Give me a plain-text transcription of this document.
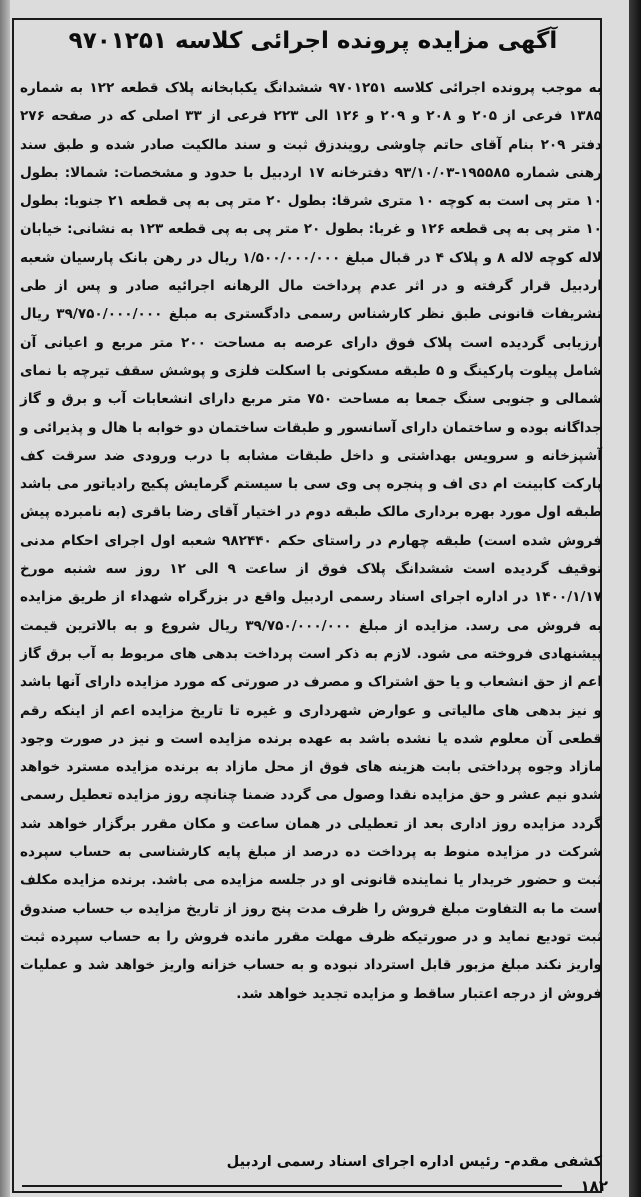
آگهی مزایده پرونده اجرائی کلاسه ۹۷۰۱۲۵۱

به موجب پرونده اجرائی کلاسه ۹۷۰۱۲۵۱ ششدانگ یکبابخانه پلاک قطعه ۱۲۲ به شماره ۱۳۸۵ فرعی از ۲۰۵ و ۲۰۸ و ۲۰۹ و ۱۲۶ الی ۲۲۳ فرعی از ۳۳ اصلی که در صفحه ۲۷۶ دفتر ۲۰۹ بنام آقای حاتم چاوشی رویندزق ثبت و سند مالکیت صادر شده و طبق سند رهنی شماره ۱۹۵۵۸۵-۹۳/۱۰/۰۳ دفترخانه ۱۷ اردبیل با حدود و مشخصات: شمالا: بطول ۱۰ متر پی است به کوچه ۱۰ متری شرقا: بطول ۲۰ متر پی به پی قطعه ۲۱ جنوبا: بطول ۱۰ متر پی به پی قطعه ۱۲۶ و غربا: بطول ۲۰ متر پی به پی قطعه ۱۲۳ به نشانی: خیابان لاله کوچه لاله ۸ و پلاک ۴ در قبال مبلغ ۱/۵۰۰/۰۰۰/۰۰۰ ریال در رهن بانک پارسیان شعبه اردبیل قرار گرفته و در اثر عدم پرداخت مال الرهانه اجرائیه صادر و پس از طی تشریفات قانونی طبق نظر کارشناس رسمی دادگستری به مبلغ ۳۹/۷۵۰/۰۰۰/۰۰۰ ریال ارزیابی گردیده است پلاک فوق دارای عرصه به مساحت ۲۰۰ متر مربع و اعیانی آن شامل پیلوت پارکینگ و ۵ طبقه مسکونی با اسکلت فلزی و پوشش سقف تیرچه با نمای شمالی و جنوبی سنگ جمعا به مساحت ۷۵۰ متر مربع دارای انشعابات آب و برق و گاز جداگانه بوده و ساختمان دارای آسانسور و طبقات ساختمان دو خوابه با هال و پذیرائی و آشپزخانه و سرویس بهداشتی و داخل طبقات مشابه با درب ورودی ضد سرقت کف پارکت کابینت ام دی اف و پنجره پی وی سی با سیستم گرمایش پکیج رادیاتور می باشد طبقه اول مورد بهره برداری مالک طبقه دوم در اختیار آقای رضا باقری (به نامبرده پیش فروش شده است) طبقه چهارم در راستای حکم ۹۸۲۴۴۰ شعبه اول اجرای احکام مدنی توقیف گردیده است ششدانگ پلاک فوق از ساعت ۹ الی ۱۲ روز سه شنبه مورخ ۱۴۰۰/۱/۱۷ در اداره اجرای اسناد رسمی اردبیل واقع در بزرگراه شهداء از طریق مزایده به فروش می رسد. مزایده از مبلغ ۳۹/۷۵۰/۰۰۰/۰۰۰ ریال شروع و به بالاترین قیمت پیشنهادی فروخته می شود. لازم به ذکر است پرداخت بدهی های مربوط به آب برق گاز اعم از حق انشعاب و یا حق اشتراک و مصرف در صورتی که مورد مزایده دارای آنها باشد و نیز بدهی های مالیاتی و عوارض شهرداری و غیره تا تاریخ مزایده اعم از اینکه رقم قطعی آن معلوم شده یا نشده باشد به عهده برنده مزایده است و نیز در صورت وجود مازاد وجوه پرداختی بابت هزینه های فوق از محل مازاد به برنده مزایده مسترد خواهد شدو نیم عشر و حق مزایده نقدا وصول می گردد ضمنا چنانچه روز مزایده تعطیل رسمی گردد مزایده روز اداری بعد از تعطیلی در همان ساعت و مکان مقرر برگزار خواهد شد شرکت در مزایده منوط به پرداخت ده درصد از مبلغ پایه کارشناسی به حساب سپرده ثبت و حضور خریدار یا نماینده قانونی او در جلسه مزایده می باشد. برنده مزایده مکلف است ما به التفاوت مبلغ فروش را ظرف مدت پنج روز از تاریخ مزایده ب حساب صندوق ثبت تودیع نماید و در صورتیکه ظرف مهلت مقرر مانده فروش را به حساب سپرده ثبت واریز نکند مبلغ مزبور قابل استرداد نبوده و به حساب خزانه واریز خواهد شد و عملیات فروش از درجه اعتبار ساقط و مزایده تجدید خواهد شد.

کشفی مقدم- رئیس اداره اجرای اسناد رسمی اردبیل
۱۸۲
